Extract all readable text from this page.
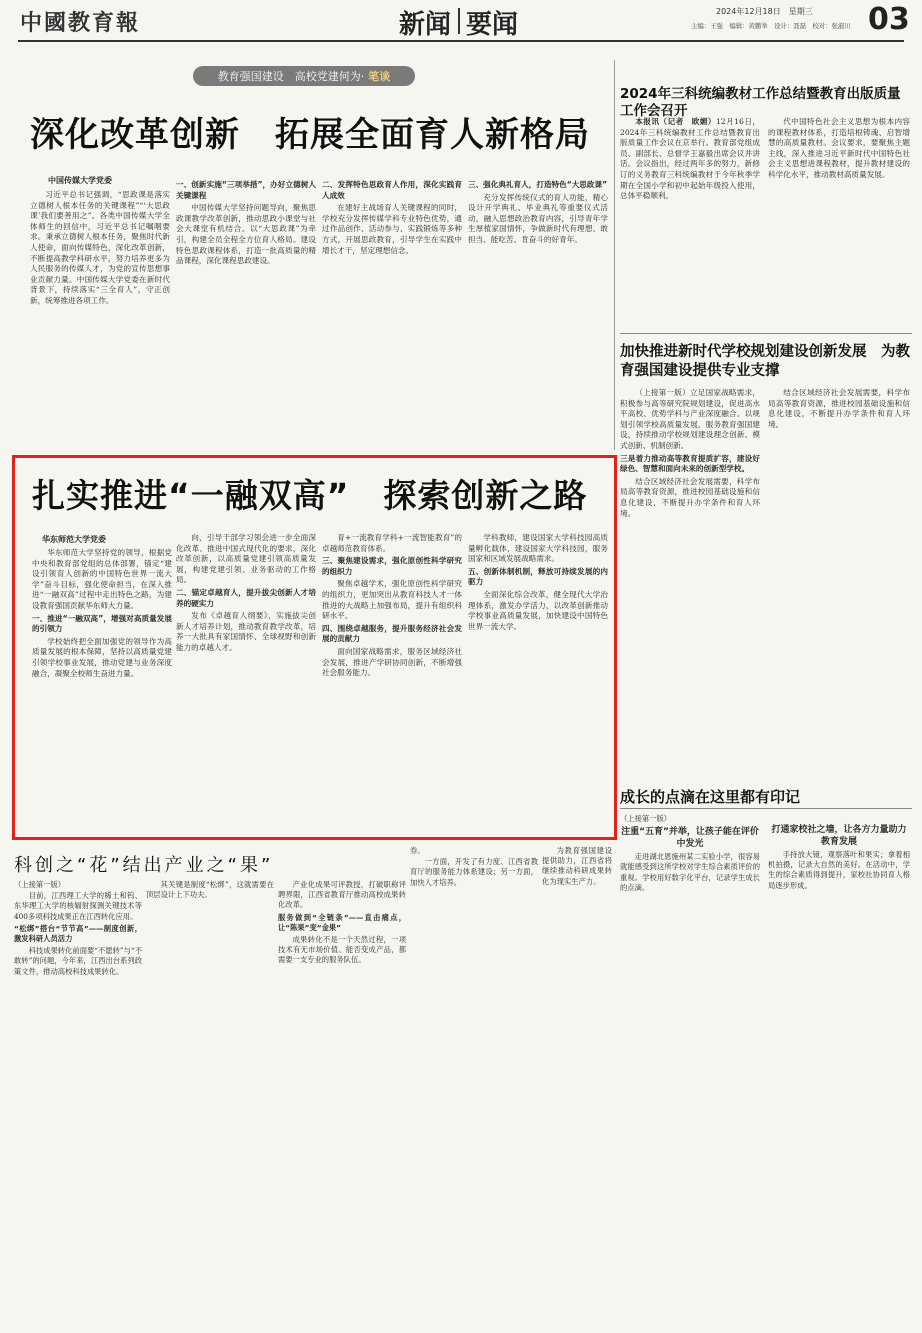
中國教育報	新闻 要闻	2024年12月18日　星期三
主编：王强　编辑：黄鹏举　设计：聂磊　校对：张淑川 03
教育强国建设　高校党建何为· 笔谈
深化改革创新　拓展全面育人新格局
中国传媒大学党委

习近平总书记强调，“思政课是落实立德树人根本任务的关键课程”“‘大思政课’我们要善用之”。各类中国传媒大学全体师生的回信中，习近平总书记嘱咽要求。秉承立德树人根本任务，聚焦时代新人使命，面向传媒特色，深化改革创新，不断提高教学科研水平，努力培养更多为人民服务的传媒人才，为党的宣传思想事业贡献力量。中国传媒大学党委在新时代背景下，持续落实“三全育人”，守正创新，统筹推进各项工作。

一、创新实施“三项举措”，办好立德树人关键课程

中国传媒大学坚持问题导向，聚焦思政课教学改革创新，推动思政小课堂与社会大课堂有机结合。以“大思政课”为牵引，构建全员全程全方位育人格局。建设特色思政课程体系，打造一批高质量的精品课程，深化课程思政建设。

二、发挥特色思政育人作用，深化实践育人成效

在建好主战场育人关键课程的同时，学校充分发挥传媒学科专业特色优势，通过作品创作、活动参与、实践锻炼等多种方式，开展思政教育，引导学生在实践中增长才干，坚定理想信念。

三、强化典礼育人，打造特色“大思政课”

充分发挥传统仪式的育人功能，精心设计开学典礼、毕业典礼等重要仪式活动，融入思想政治教育内容，引导青年学生厚植家国情怀，争做新时代有理想、敢担当、能吃苦、肯奋斗的好青年。

2024年三科统编教材工作总结暨教育出版质量工作会召开

本报讯（记者　欧媚）12月16日，2024年三科统编教材工作总结暨教育出版质量工作会议在京举行。教育部党组成员、副部长、总督学王嘉毅出席会议并讲话。会议指出，经过两年多的努力，新修订的义务教育三科统编教材于今年秋季学期在全国小学和初中起始年级投入使用，总体平稳顺利。

代中国特色社会主义思想为根本内容的课程教材体系，打造培根铸魂、启智增慧的高质量教材。会议要求，要聚焦主题主线，深入推进习近平新时代中国特色社会主义思想进课程教材，提升教材建设的科学化水平，推动教材高质量发展。

加快推进新时代学校规划建设创新发展　为教育强国建设提供专业支撑

（上接第一版）立足国家战略需求，积极参与高等研究院规划建设，促进高水平高校、优势学科与产业深度融合。以规划引领学校高质量发展，服务教育强国建设，持续推动学校规划建设理念创新、模式创新、机制创新。

三是着力推动高等教育提质扩容，建设好绿色、智慧和面向未来的创新型学校。

结合区域经济社会发展需要，科学布局高等教育资源，推进校园基础设施和信息化建设，不断提升办学条件和育人环境。

结合区域经济社会发展需要，科学布局高等教育资源，推进校园基础设施和信息化建设，不断提升办学条件和育人环境。

扎实推进“一融双高”　探索创新之路
华东师范大学党委

华东师范大学坚持党的领导，根据党中央和教育部党组的总体部署，锚定“建设引领育人创新的中国特色世界一流大学”奋斗目标，强化使命担当，在深入推进“一融双高”过程中走出特色之路，为建设教育强国贡献华东师大力量。

一、推进“一融双高”，增强对高质量发展的引领力

学校始终把全面加强党的领导作为高质量发展的根本保障，坚持以高质量党建引领学校事业发展，推动党建与业务深度融合，凝聚全校师生奋进力量。

向，引导干部学习领会进一步全面深化改革、推进中国式现代化的要求，深化改革创新，以高质量党建引领高质量发展，构建党建引领、业务驱动的工作格局。

二、锚定卓越育人，提升拔尖创新人才培养的硬实力

发布《卓越育人纲要》，实施拔尖创新人才培养计划，推动教育教学改革，培养一大批具有家国情怀、全球视野和创新能力的卓越人才。

育+一流教育学科+一流智能教育”的卓越师范教育体系。

三、聚焦建设需求，强化原创性科学研究的组织力

聚焦卓越学术，强化原创性科学研究的组织力，更加突出从教育科技人才一体推进的大战略上加强布局，提升有组织科研水平。

四、围绕卓越服务，提升服务经济社会发展的贡献力

面向国家战略需求，服务区域经济社会发展，推进产学研协同创新，不断增强社会服务能力。

学科教师，建设国家大学科技园高质量孵化载体，建设国家大学科技园，服务国家和区域发展战略需求。

五、创新体制机制，释放可持续发展的内驱力

全面深化综合改革，健全现代大学治理体系，激发办学活力，以改革创新推动学校事业高质量发展，加快建设中国特色世界一流大学。

成长的点滴在这里都有印记
科创之“花”结出产业之“果”

（上接第一版）

目前，江西理工大学的稀土和钨、东华理工大学的核辐射探测关键技术等400多项科技成果正在江西转化应用。

“松绑”搭台“节节高”——制度创新，激发科研人员活力

科技成果转化前面要“不愿转”与“不敢转”的问题，今年来，江西出台系列政策文件，推动高校科技成果转化。

其关键是制度“松绑”，这就需要在顶层设计上下功夫。

产业化成果可评教授，打破职称评聘界限，江西省教育厅推动高校成果转化改革。

服务做到“全链条”——直击痛点，让“陈果”变“金果”

成果转化不是一个天然过程，一项技术有无市场价值、能否变成产品，都需要一支专业的服务队伍。

券。

一方面，开发了有力度、江西省教育厅的服务能力体系建设；另一方面，加快人才培养。

为教育强国建设提供助力，江西省将继续推动科研成果转化为现实生产力。

（上接第一版）

注重“五育”并举，让孩子能在评价中发光

走进湖北恩施州某二实验小学，很容易就能感受到这所学校对学生综合素质评价的重视。学校用好数字化平台，记录学生成长的点滴。

打通家校社之墙，让各方力量助力教育发展

手持放大镜，观察落叶和果实；拿着相机拍摄，记录大自然的美好。在活动中，学生的综合素质得到提升，家校社协同育人格局逐步形成。
